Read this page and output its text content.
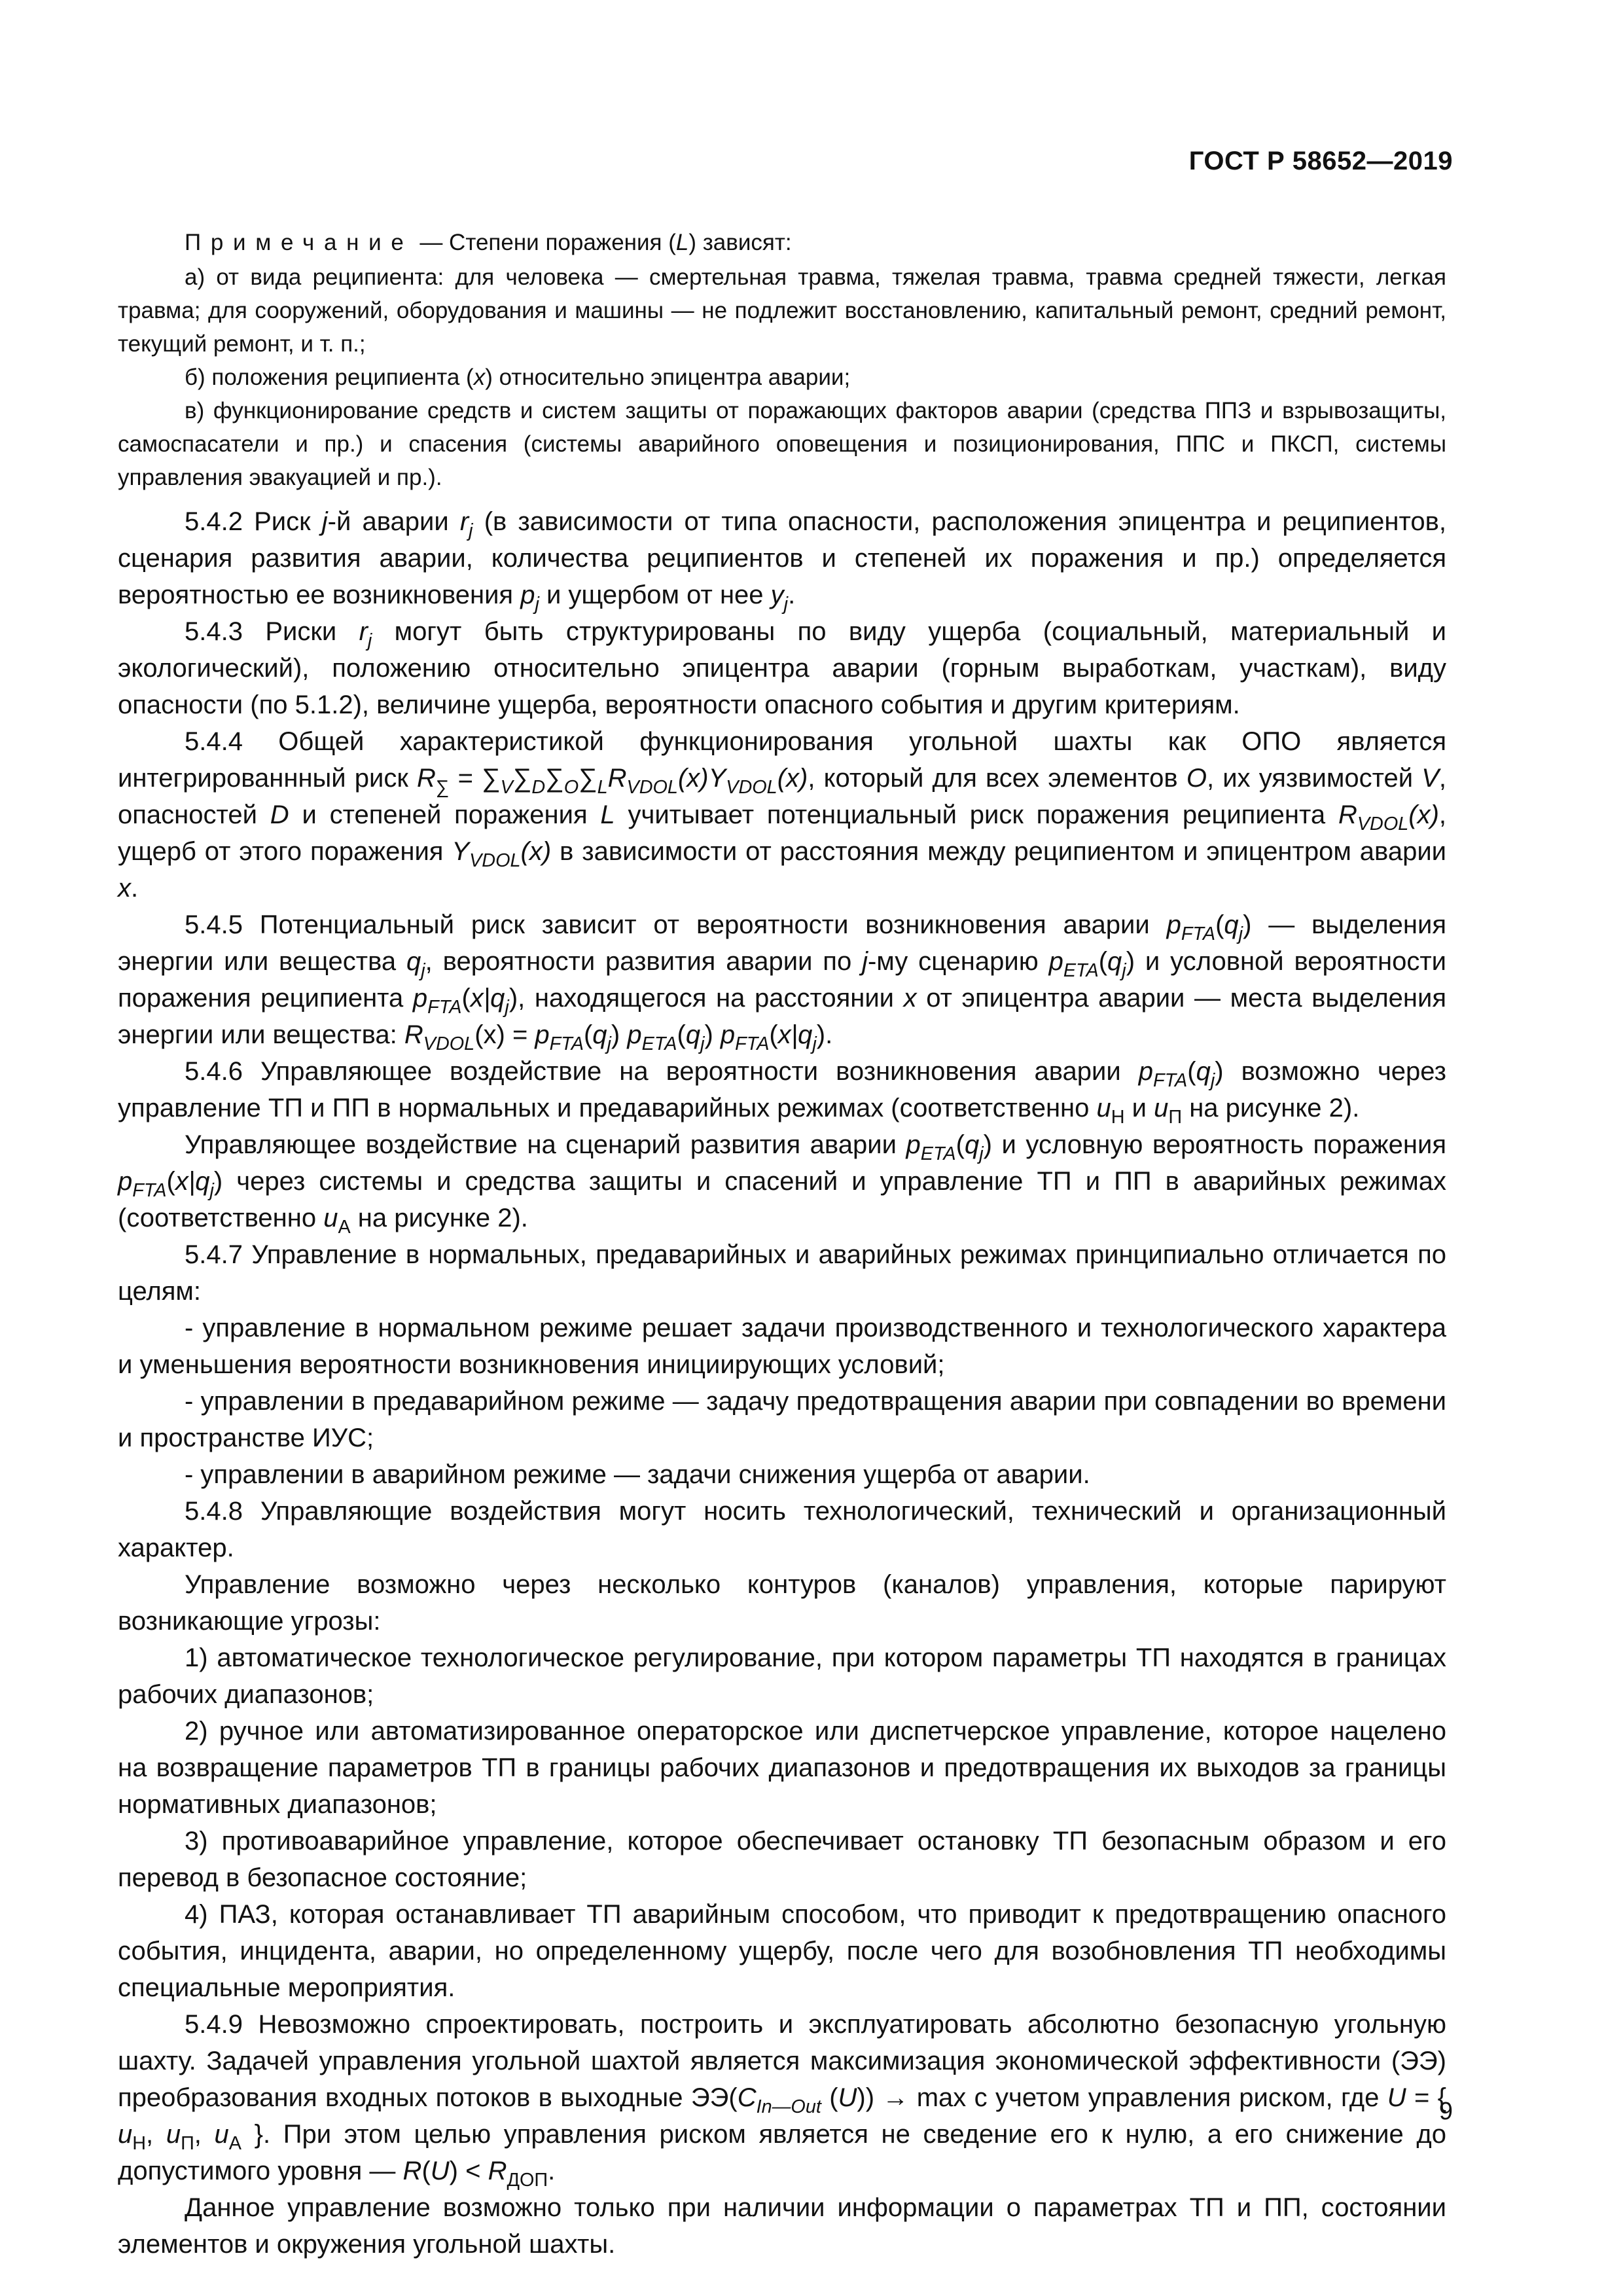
ГОСТ Р 58652—2019

Примечание — Степени поражения (L) зависят:

а) от вида реципиента: для человека — смертельная травма, тяжелая травма, травма средней тяжести, легкая травма; для сооружений, оборудования и машины — не подлежит восстановлению, капитальный ремонт, средний ремонт, текущий ремонт, и т. п.;

б) положения реципиента (x) относительно эпицентра аварии;

в) функционирование средств и систем защиты от поражающих факторов аварии (средства ППЗ и взрывозащиты, самоспасатели и пр.) и спасения (системы аварийного оповещения и позиционирования, ППС и ПКСП, системы управления эвакуацией и пр.).

5.4.2 Риск j-й аварии $r_j$ (в зависимости от типа опасности, расположения эпицентра и реципиентов, сценария развития аварии, количества реципиентов и степеней их поражения и пр.) определяется вероятностью ее возникновения $p_j$ и ущербом от нее $y_j$.

5.4.3 Риски $r_j$ могут быть структурированы по виду ущерба (социальный, материальный и экологический), положению относительно эпицентра аварии (горным выработкам, участкам), виду опасности (по 5.1.2), величине ущерба, вероятности опасного события и другим критериям.

5.4.4 Общей характеристикой функционирования угольной шахты как ОПО является интегрированнный риск $R_\sum = \sum_V\sum_D\sum_O\sum_LR_{VDOL}(x)Y_{VDOL}(x)$, который для всех элементов O, их уязвимостей V, опасностей D и степеней поражения L учитывает потенциальный риск поражения реципиента $R_{VDOL}(x)$, ущерб от этого поражения $Y_{VDOL}(x)$ в зависимости от расстояния между реципиентом и эпицентром аварии x.

5.4.5 Потенциальный риск зависит от вероятности возникновения аварии $p_{FTA}(q_j)$ — выделения энергии или вещества $q_j$, вероятности развития аварии по j-му сценарию $p_{ETA}(q_j)$ и условной вероятности поражения реципиента $p_{FTA}(x|q_j)$, находящегося на расстоянии x от эпицентра аварии — места выделения энергии или вещества: $R_{VDOL}(x) = p_{FTA}(q_j)$ $p_{ETA}(q_j)$ $p_{FTA}(x|q_j)$.

5.4.6 Управляющее воздействие на вероятности возникновения аварии $p_{FTA}(q_j)$ возможно через управление ТП и ПП в нормальных и предаварийных режимах (соответственно $u_Н$ и $u_П$ на рисунке 2).

Управляющее воздействие на сценарий развития аварии $p_{ETA}(q_j)$ и условную вероятность поражения $p_{FTA}(x|q_j)$ через системы и средства защиты и спасений и управление ТП и ПП в аварийных режимах (соответственно $u_А$ на рисунке 2).

5.4.7 Управление в нормальных, предаварийных и аварийных режимах принципиально отличается по целям:

- управление в нормальном режиме решает задачи производственного и технологического характера и уменьшения вероятности возникновения инициирующих условий;

- управлении в предаварийном режиме — задачу предотвращения аварии при совпадении во времени и пространстве ИУС;

- управлении в аварийном режиме — задачи снижения ущерба от аварии.

5.4.8 Управляющие воздействия могут носить технологический, технический и организационный характер.

Управление возможно через несколько контуров (каналов) управления, которые парируют возникающие угрозы:

1) автоматическое технологическое регулирование, при котором параметры ТП находятся в границах рабочих диапазонов;

2) ручное или автоматизированное операторское или диспетчерское управление, которое нацелено на возвращение параметров ТП в границы рабочих диапазонов и предотвращения их выходов за границы нормативных диапазонов;

3) противоаварийное управление, которое обеспечивает остановку ТП безопасным образом и его перевод в безопасное состояние;

4) ПАЗ, которая останавливает ТП аварийным способом, что приводит к предотвращению опасного события, инцидента, аварии, но определенному ущербу, после чего для возобновления ТП необходимы специальные мероприятия.

5.4.9 Невозможно спроектировать, построить и эксплуатировать абсолютно безопасную угольную шахту. Задачей управления угольной шахтой является максимизация экономической эффективности (ЭЭ) преобразования входных потоков в выходные $ЭЭ(C_{In—Out}$ (U)) → max с учетом управления риском, где U = { $u_Н$, $u_П$, $u_А$ }. При этом целью управления риском является не сведение его к нулю, а его снижение до допустимого уровня — $R(U) < R_{ДОП}$.

Данное управление возможно только при наличии информации о параметрах ТП и ПП, состоянии элементов и окружения угольной шахты.

9
